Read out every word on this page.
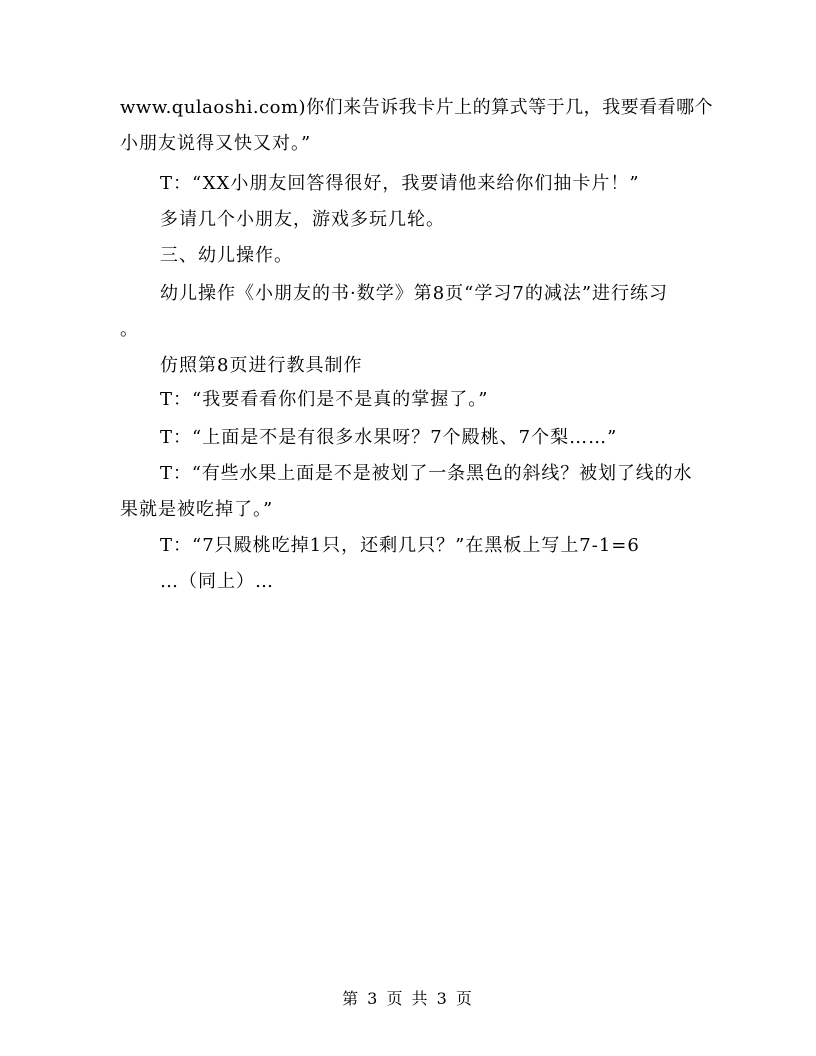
www.qulaoshi.com)你们来告诉我卡片上的算式等于几，我要看看哪个
小朋友说得又快又对。”
T：“XX小朋友回答得很好，我要请他来给你们抽卡片！”
多请几个小朋友，游戏多玩几轮。
三、幼儿操作。
幼儿操作《小朋友的书·数学》第8页“学习7的减法”进行练习
。
仿照第8页进行教具制作
T：“我要看看你们是不是真的掌握了。”
T：“上面是不是有很多水果呀？7个殿桃、7个梨……”
T：“有些水果上面是不是被划了一条黑色的斜线？被划了线的水
果就是被吃掉了。”
T：“7只殿桃吃掉1只，还剩几只？”在黑板上写上7-1=6
…（同上）…
第 3 页 共 3 页
